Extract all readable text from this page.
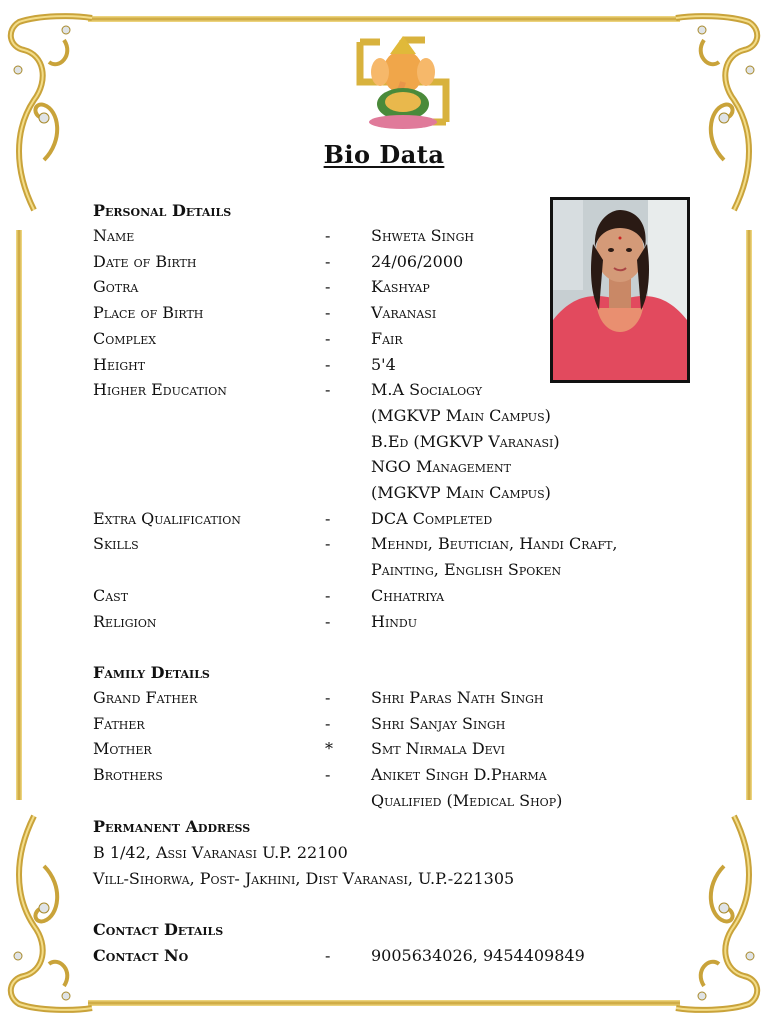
Bio Data
Personal Details
Name	-	Shweta Singh
Date of Birth	-	24/06/2000
Gotra	-	Kashyap
Place of Birth	-	Varanasi
Complex	-	Fair
Height	-	5'4
Higher Education	-	M.A Socialogy
(MGKVP Main Campus)
B.Ed (MGKVP Varanasi)
NGO Management
(MGKVP Main Campus)
Extra Qualification	-	DCA Completed
Skills	-	Mehndi, Beutician, Handi Craft,
Painting, English Spoken
Cast	-	Chhatriya
Religion	-	Hindu
Family Details
Grand Father	-	Shri Paras Nath Singh
Father	-	Shri Sanjay Singh
Mother	* Smt Nirmala Devi
Brothers	-	Aniket Singh D.Pharma
Qualified (Medical Shop)
Permanent Address
B 1/42, Assi Varanasi U.P. 22100
Vill-Sihorwa, Post- Jakhini, Dist Varanasi, U.P.-221305
Contact Details
Contact No	-	9005634026, 9454409849
